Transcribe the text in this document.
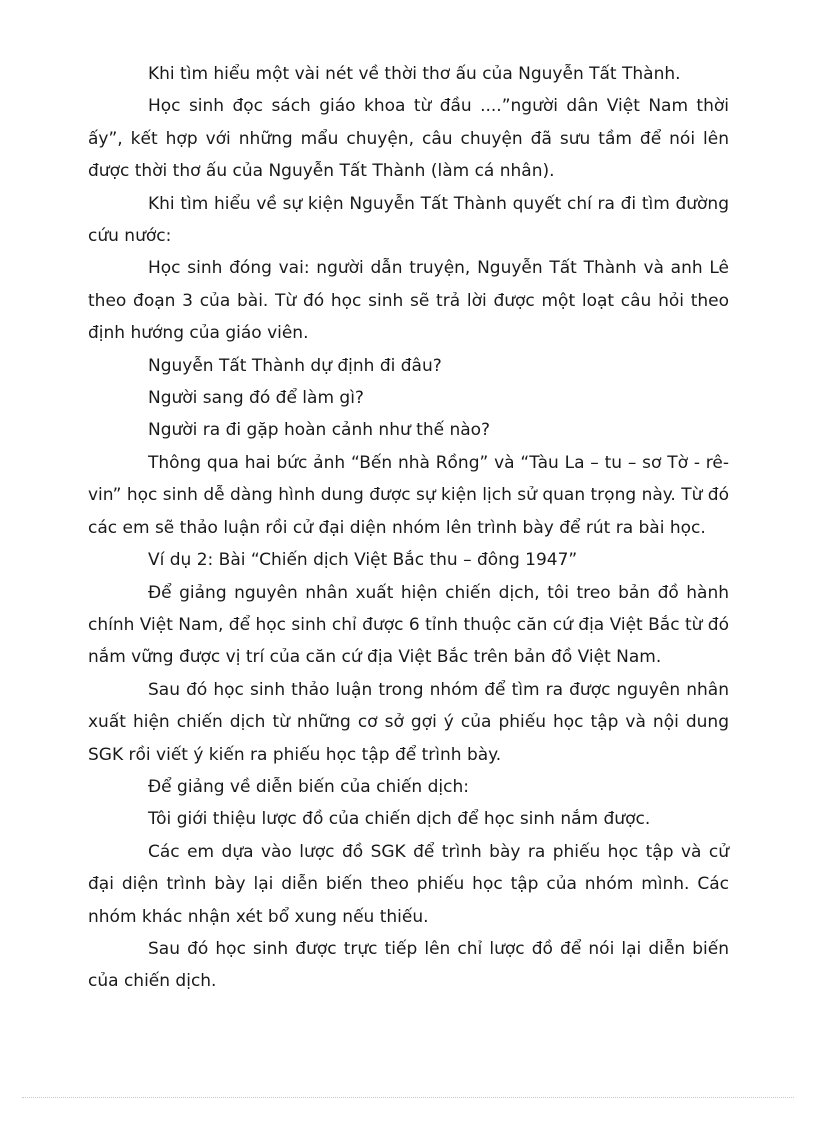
Khi tìm hiểu một vài nét về thời thơ ấu của Nguyễn Tất Thành.

Học sinh đọc sách giáo khoa từ đầu ....”người dân Việt Nam thời ấy”, kết hợp với những mẩu chuyện, câu chuyện đã sưu tầm để nói lên được thời thơ ấu của Nguyễn Tất Thành (làm cá nhân).

Khi tìm hiểu về sự kiện Nguyễn Tất Thành quyết chí ra đi tìm đường cứu nước:

Học sinh đóng vai: người dẫn truyện, Nguyễn Tất Thành và anh Lê theo đoạn 3 của bài. Từ đó học sinh sẽ trả lời được một loạt câu hỏi theo định hướng của giáo viên.

Nguyễn Tất Thành dự định đi đâu?

Người sang đó để làm gì?

Người ra đi gặp hoàn cảnh như thế nào?

Thông qua hai bức ảnh “Bến nhà Rồng” và “Tàu La – tu – sơ Tờ - rê-vin” học sinh dễ dàng hình dung được sự kiện lịch sử quan trọng này. Từ đó các em sẽ thảo luận rồi cử đại diện nhóm lên trình bày để rút ra bài học.

Ví dụ 2: Bài “Chiến dịch Việt Bắc thu – đông 1947”

Để giảng nguyên nhân xuất hiện chiến dịch, tôi treo bản đồ hành chính Việt Nam, để học sinh chỉ được 6 tỉnh thuộc căn cứ địa Việt Bắc từ đó nắm vững được vị trí của căn cứ địa Việt Bắc trên bản đồ Việt Nam.

Sau đó học sinh thảo luận trong nhóm để tìm ra được nguyên nhân xuất hiện chiến dịch từ những cơ sở gợi ý của phiếu học tập và nội dung SGK rồi viết ý kiến ra phiếu học tập để trình bày.

Để giảng về diễn biến của chiến dịch:

Tôi giới thiệu lược đồ của chiến dịch để học sinh nắm được.

Các em dựa vào lược đồ SGK để trình bày ra phiếu học tập và cử đại diện trình bày lại diễn biến theo phiếu học tập của nhóm mình. Các nhóm khác nhận xét bổ xung nếu thiếu.

Sau đó học sinh được trực tiếp lên chỉ lược đồ để nói lại diễn biến của chiến dịch.
